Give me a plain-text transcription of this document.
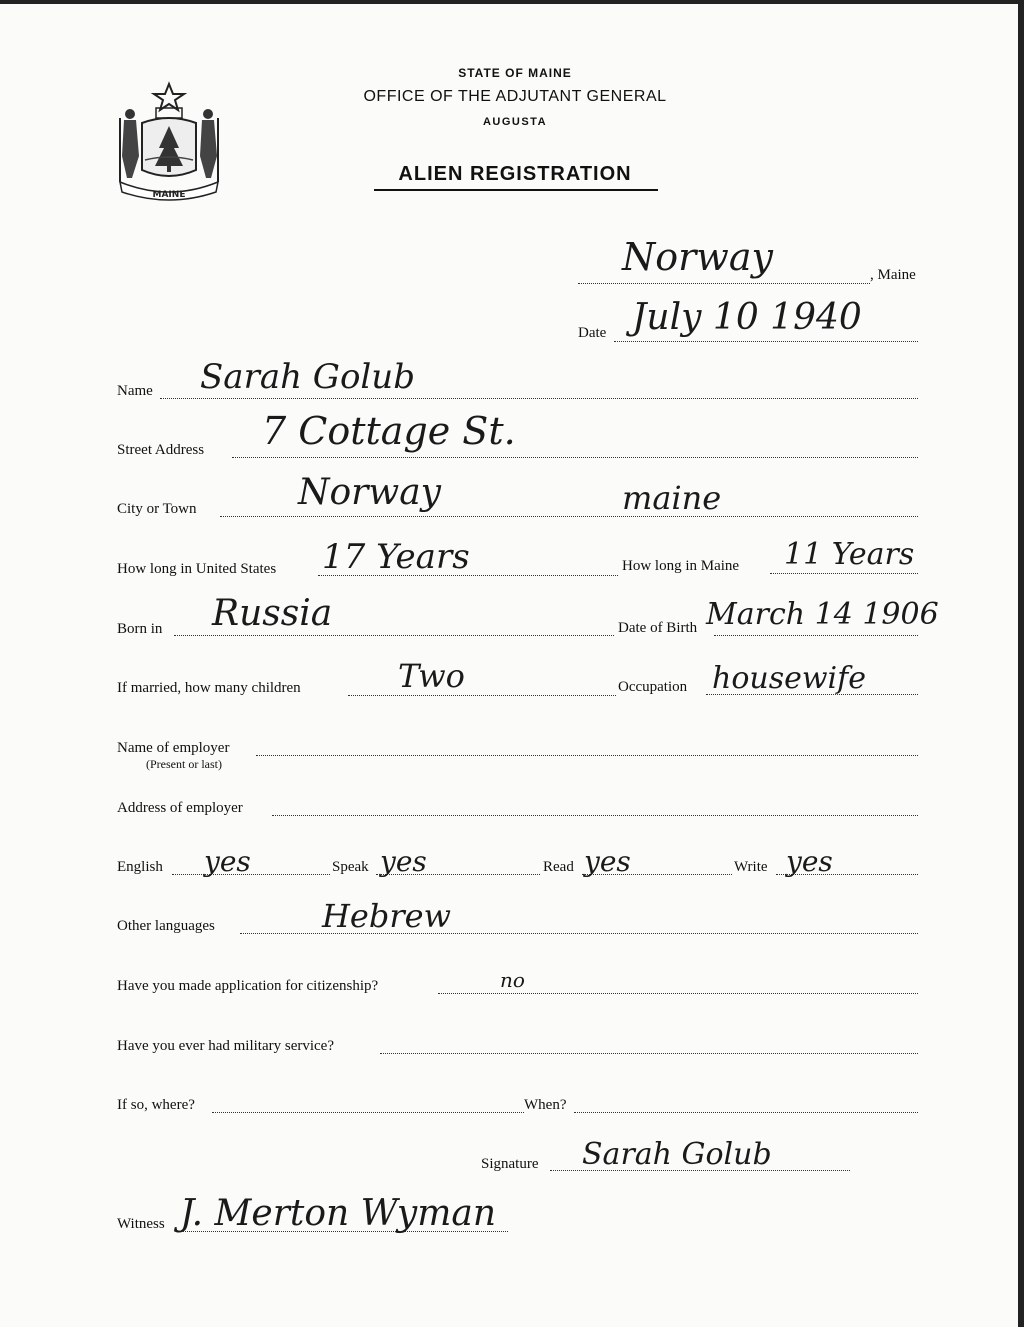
MAINE
STATE OF MAINE
OFFICE OF THE ADJUTANT GENERAL
AUGUSTA
ALIEN REGISTRATION
, Maine
Norway
Date July 10 1940
Name Sarah Golub
Street Address 7 Cottage St.
City or Town	Norway	maine
How long in United States 17 Years	How long in Maine 11 Years
Born in Russia	Date of Birth March 14 1906
If married, how many children	Two	Occupation housewife
Name of employer
(Present or last)
Address of employer
English yes	Speak yes	Read yes	Write yes
Other languages	Hebrew
Have you made application for citizenship?	no
Have you ever had military service?
If so, where?	When?
Signature Sarah Golub
Witness J. Merton Wyman
